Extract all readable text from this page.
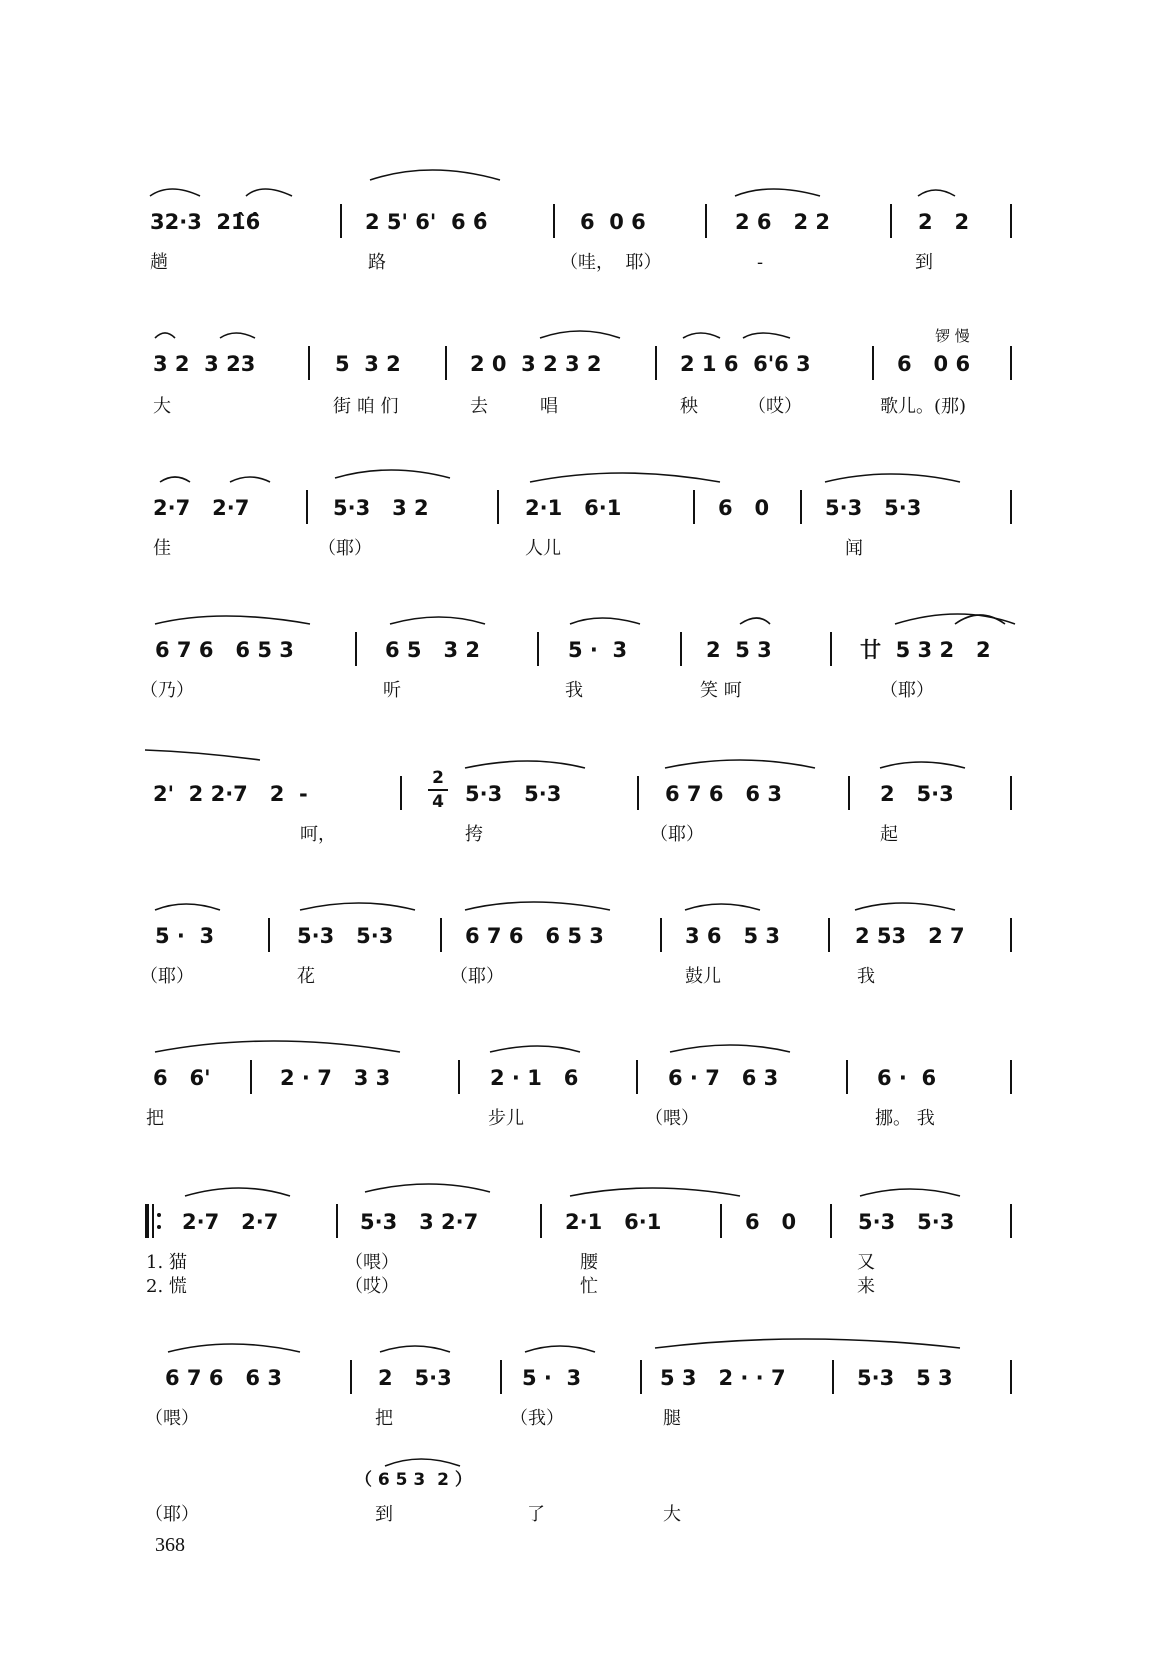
32·3  21̂6̂	2 5' 6'  6 6̂	6  0 6	2 6   2 2	2   2
趟	路	（哇，  耶）	-	到
锣 慢
3 2  3 23	5  3 2	2 0  3 2 3 2	2 1 6  6'6 3	6   0 6
大	街 咱 们	去	唱	秧	（哎）	歌儿。(那)
2·7   2·7	5·3   3 2	2·1   6·1	6   0	5·3   5·3
佳	（耶）	人儿	闻
6 7 6   6 5 3	6 5   3 2	5 ·  3	2  5 3	廿  5 3 2   2
（乃）	听	我	笑 呵	（耶）
2'  2 2·7   2  -
2
4 5·3   5·3	6 7 6   6 3	2   5·3
呵，	挎	（耶）	起
5 ·  3	5·3   5·3	6 7 6   6 5 3	3 6   5 3	2 53   2 7
（耶）	花	（耶）	鼓儿	我
6   6'	2 · 7   3 3	2 · 1   6	6 · 7   6 3	6 ·  6
把	步儿	（喂）	挪。 我
2·7   2·7	5·3   3 2·7	2·1   6·1	6   0	5·3   5·3
1. 猫	（喂）	腰	又
2. 慌	（哎）	忙	来
6 7 6   6 3	2   5·3	5 ·  3	5 3   2 · · 7	5·3   5 3
（喂）	把	（我）	腿
（ 6 5 3  2 ）
（耶）	到	了	大
368
